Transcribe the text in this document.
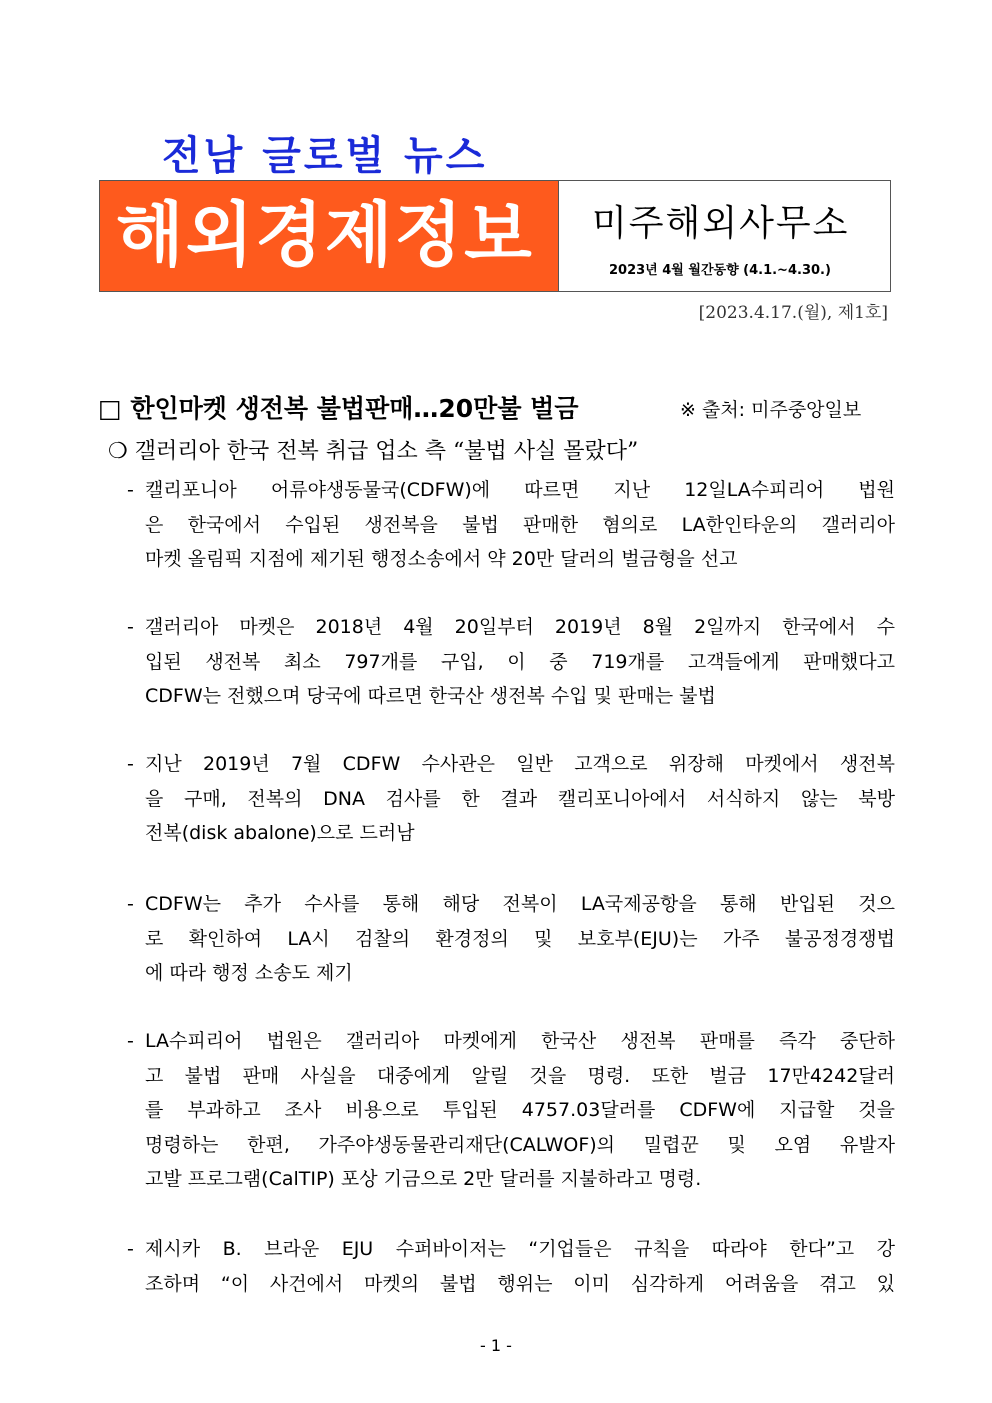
전남 글로벌 뉴스
해외경제정보 미주해외사무소
2023년 4월 월간동향 (4.1.~4.30.)
[2023.4.17.(월), 제1호]
□ 한인마켓 생전복 불법판매…20만불 벌금	※ 출처: 미주중앙일보
❍ 갤러리아 한국 전복 취급 업소 측 “불법 사실 몰랐다”
- 캘리포니아 어류야생동물국(CDFW)에 따르면 지난 12일LA수피리어 법원
은 한국에서 수입된 생전복을 불법 판매한 혐의로 LA한인타운의 갤러리아
마켓 올림픽 지점에 제기된 행정소송에서 약 20만 달러의 벌금형을 선고
- 갤러리아 마켓은 2018년 4월 20일부터 2019년 8월 2일까지 한국에서 수
입된 생전복 최소 797개를 구입, 이 중 719개를 고객들에게 판매했다고
CDFW는 전했으며 당국에 따르면 한국산 생전복 수입 및 판매는 불법
- 지난 2019년 7월 CDFW 수사관은 일반 고객으로 위장해 마켓에서 생전복
을 구매, 전복의 DNA 검사를 한 결과 캘리포니아에서 서식하지 않는 북방
전복(disk abalone)으로 드러남
- CDFW는 추가 수사를 통해 해당 전복이 LA국제공항을 통해 반입된 것으
로 확인하여 LA시 검찰의 환경정의 및 보호부(EJU)는 가주 불공정경쟁법
에 따라 행정 소송도 제기
- LA수피리어 법원은 갤러리아 마켓에게 한국산 생전복 판매를 즉각 중단하
고 불법 판매 사실을 대중에게 알릴 것을 명령. 또한 벌금 17만4242달러
를 부과하고 조사 비용으로 투입된 4757.03달러를 CDFW에 지급할 것을
명령하는 한편, 가주야생동물관리재단(CALWOF)의 밀렵꾼 및 오염 유발자
고발 프로그램(CalTIP) 포상 기금으로 2만 달러를 지불하라고 명령.
- 제시카 B. 브라운 EJU 수퍼바이저는 “기업들은 규칙을 따라야 한다”고 강
조하며 “이 사건에서 마켓의 불법 행위는 이미 심각하게 어려움을 겪고 있
- 1 -
